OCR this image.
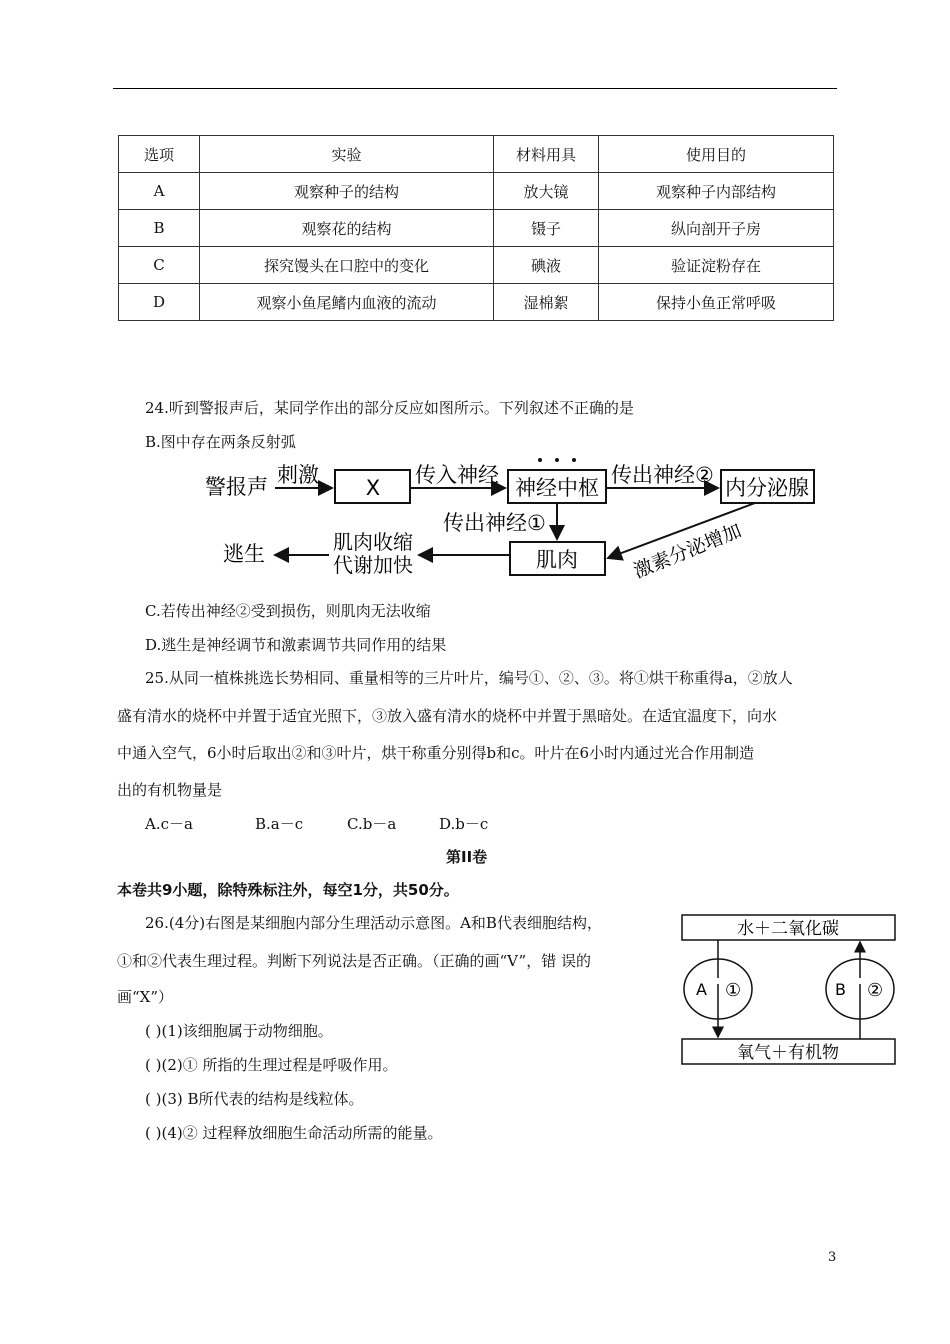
选项	实验	材料用具	使用目的
A	观察种子的结构	放大镜	观察种子内部结构
B	观察花的结构	镊子	纵向剖开子房
C	探究馒头在口腔中的变化	碘液	验证淀粉存在
D	观察小鱼尾鳍内血液的流动	湿棉絮	保持小鱼正常呼吸
24.听到警报声后，某同学作出的部分反应如图所示。下列叙述不正确的是
B.图中存在两条反射弧
警报声 刺激
X
传入神经
神经中枢
传出神经②
内分泌腺
传出神经①
肌肉	激素分泌增加
肌肉收缩
代谢加快
逃生
C.若传出神经②受到损伤，则肌肉无法收缩
D.逃生是神经调节和激素调节共同作用的结果
25.从同一植株挑选长势相同、重量相等的三片叶片，编号①、②、③。将①烘干称重得a，②放人
盛有清水的烧杯中并置于适宜光照下，③放入盛有清水的烧杯中并置于黑暗处。在适宜温度下，向水
中通入空气，6小时后取出②和③叶片，烘干称重分别得b和c。叶片在6小时内通过光合作用制造
出的有机物量是
A.c－a	B.a－c	C.b－a	D.b－c
第II卷
本卷共9小题，除特殊标注外，每空1分，共50分。
26.(4分)右图是某细胞内部分生理活动示意图。A和B代表细胞结构，
①和②代表生理过程。判断下列说法是否正确。（正确的画“V”，错 误的
画“X”）
( )(1)该细胞属于动物细胞。
( )(2)① 所指的生理过程是呼吸作用。
( )(3) B所代表的结构是线粒体。
( )(4)② 过程释放细胞生命活动所需的能量。
水＋二氧化碳
氧气＋有机物
A ①	B ②
3
